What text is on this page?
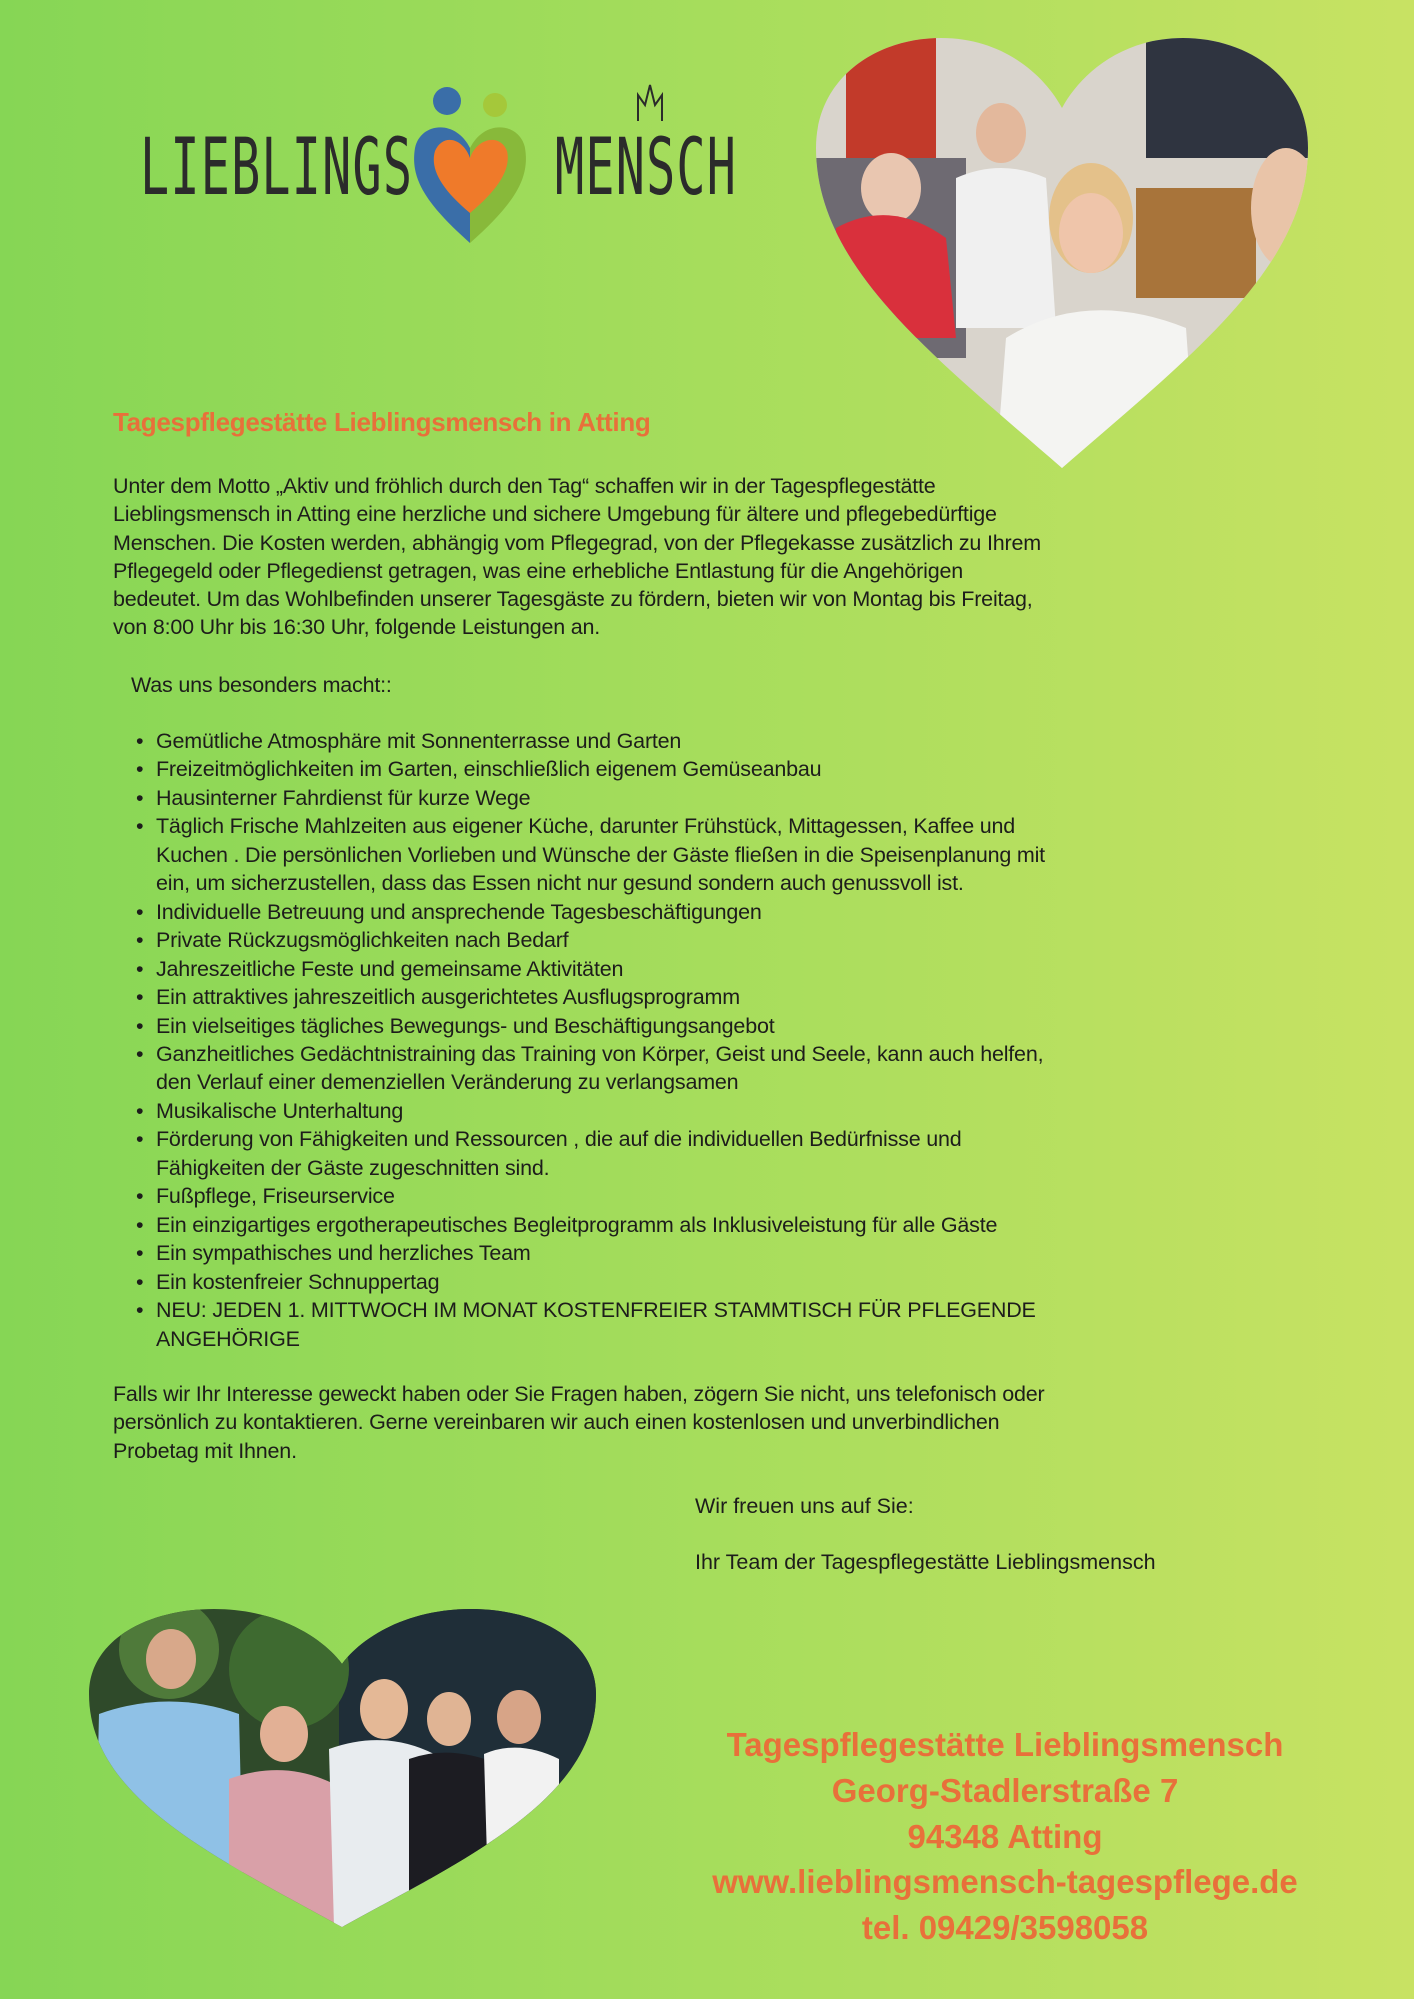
LIEBLINGS MENSCH
Tagespflegestätte Lieblingsmensch in Atting
Unter dem Motto „Aktiv und fröhlich durch den Tag“ schaffen wir in der Tagespflegestätte
Lieblingsmensch in Atting eine herzliche und sichere Umgebung für ältere und pflegebedürftige
Menschen. Die Kosten werden, abhängig vom Pflegegrad, von der Pflegekasse zusätzlich zu Ihrem
Pflegegeld oder Pflegedienst getragen, was eine erhebliche Entlastung für die Angehörigen
bedeutet. Um das Wohlbefinden unserer Tagesgäste zu fördern, bieten wir von Montag bis Freitag,
von 8:00 Uhr bis 16:30 Uhr, folgende Leistungen an.
Was uns besonders macht::
• Gemütliche Atmosphäre mit Sonnenterrasse und Garten
• Freizeitmöglichkeiten im Garten, einschließlich eigenem Gemüseanbau
• Hausinterner Fahrdienst für kurze Wege
• Täglich Frische Mahlzeiten aus eigener Küche, darunter Frühstück, Mittagessen, Kaffee und
Kuchen . Die persönlichen Vorlieben und Wünsche der Gäste fließen in die Speisenplanung mit
ein, um sicherzustellen, dass das Essen nicht nur gesund sondern auch genussvoll ist.
• Individuelle Betreuung und ansprechende Tagesbeschäftigungen
• Private Rückzugsmöglichkeiten nach Bedarf
• Jahreszeitliche Feste und gemeinsame Aktivitäten
• Ein attraktives jahreszeitlich ausgerichtetes Ausflugsprogramm
• Ein vielseitiges tägliches Bewegungs- und Beschäftigungsangebot
• Ganzheitliches Gedächtnistraining das Training von Körper, Geist und Seele, kann auch helfen,
den Verlauf einer demenziellen Veränderung zu verlangsamen
• Musikalische Unterhaltung
• Förderung von Fähigkeiten und Ressourcen , die auf die individuellen Bedürfnisse und
Fähigkeiten der Gäste zugeschnitten sind.
• Fußpflege, Friseurservice
• Ein einzigartiges ergotherapeutisches Begleitprogramm als Inklusiveleistung für alle Gäste
• Ein sympathisches und herzliches Team
• Ein kostenfreier Schnuppertag
• NEU: JEDEN 1. MITTWOCH IM MONAT KOSTENFREIER STAMMTISCH FÜR PFLEGENDE
ANGEHÖRIGE
Falls wir Ihr Interesse geweckt haben oder Sie Fragen haben, zögern Sie nicht, uns telefonisch oder
persönlich zu kontaktieren. Gerne vereinbaren wir auch einen kostenlosen und unverbindlichen
Probetag mit Ihnen.
Wir freuen uns auf Sie:
Ihr Team der Tagespflegestätte Lieblingsmensch
Tagespflegestätte Lieblingsmensch
Georg-Stadlerstraße 7
94348 Atting
www.lieblingsmensch-tagespflege.de
tel. 09429/3598058
